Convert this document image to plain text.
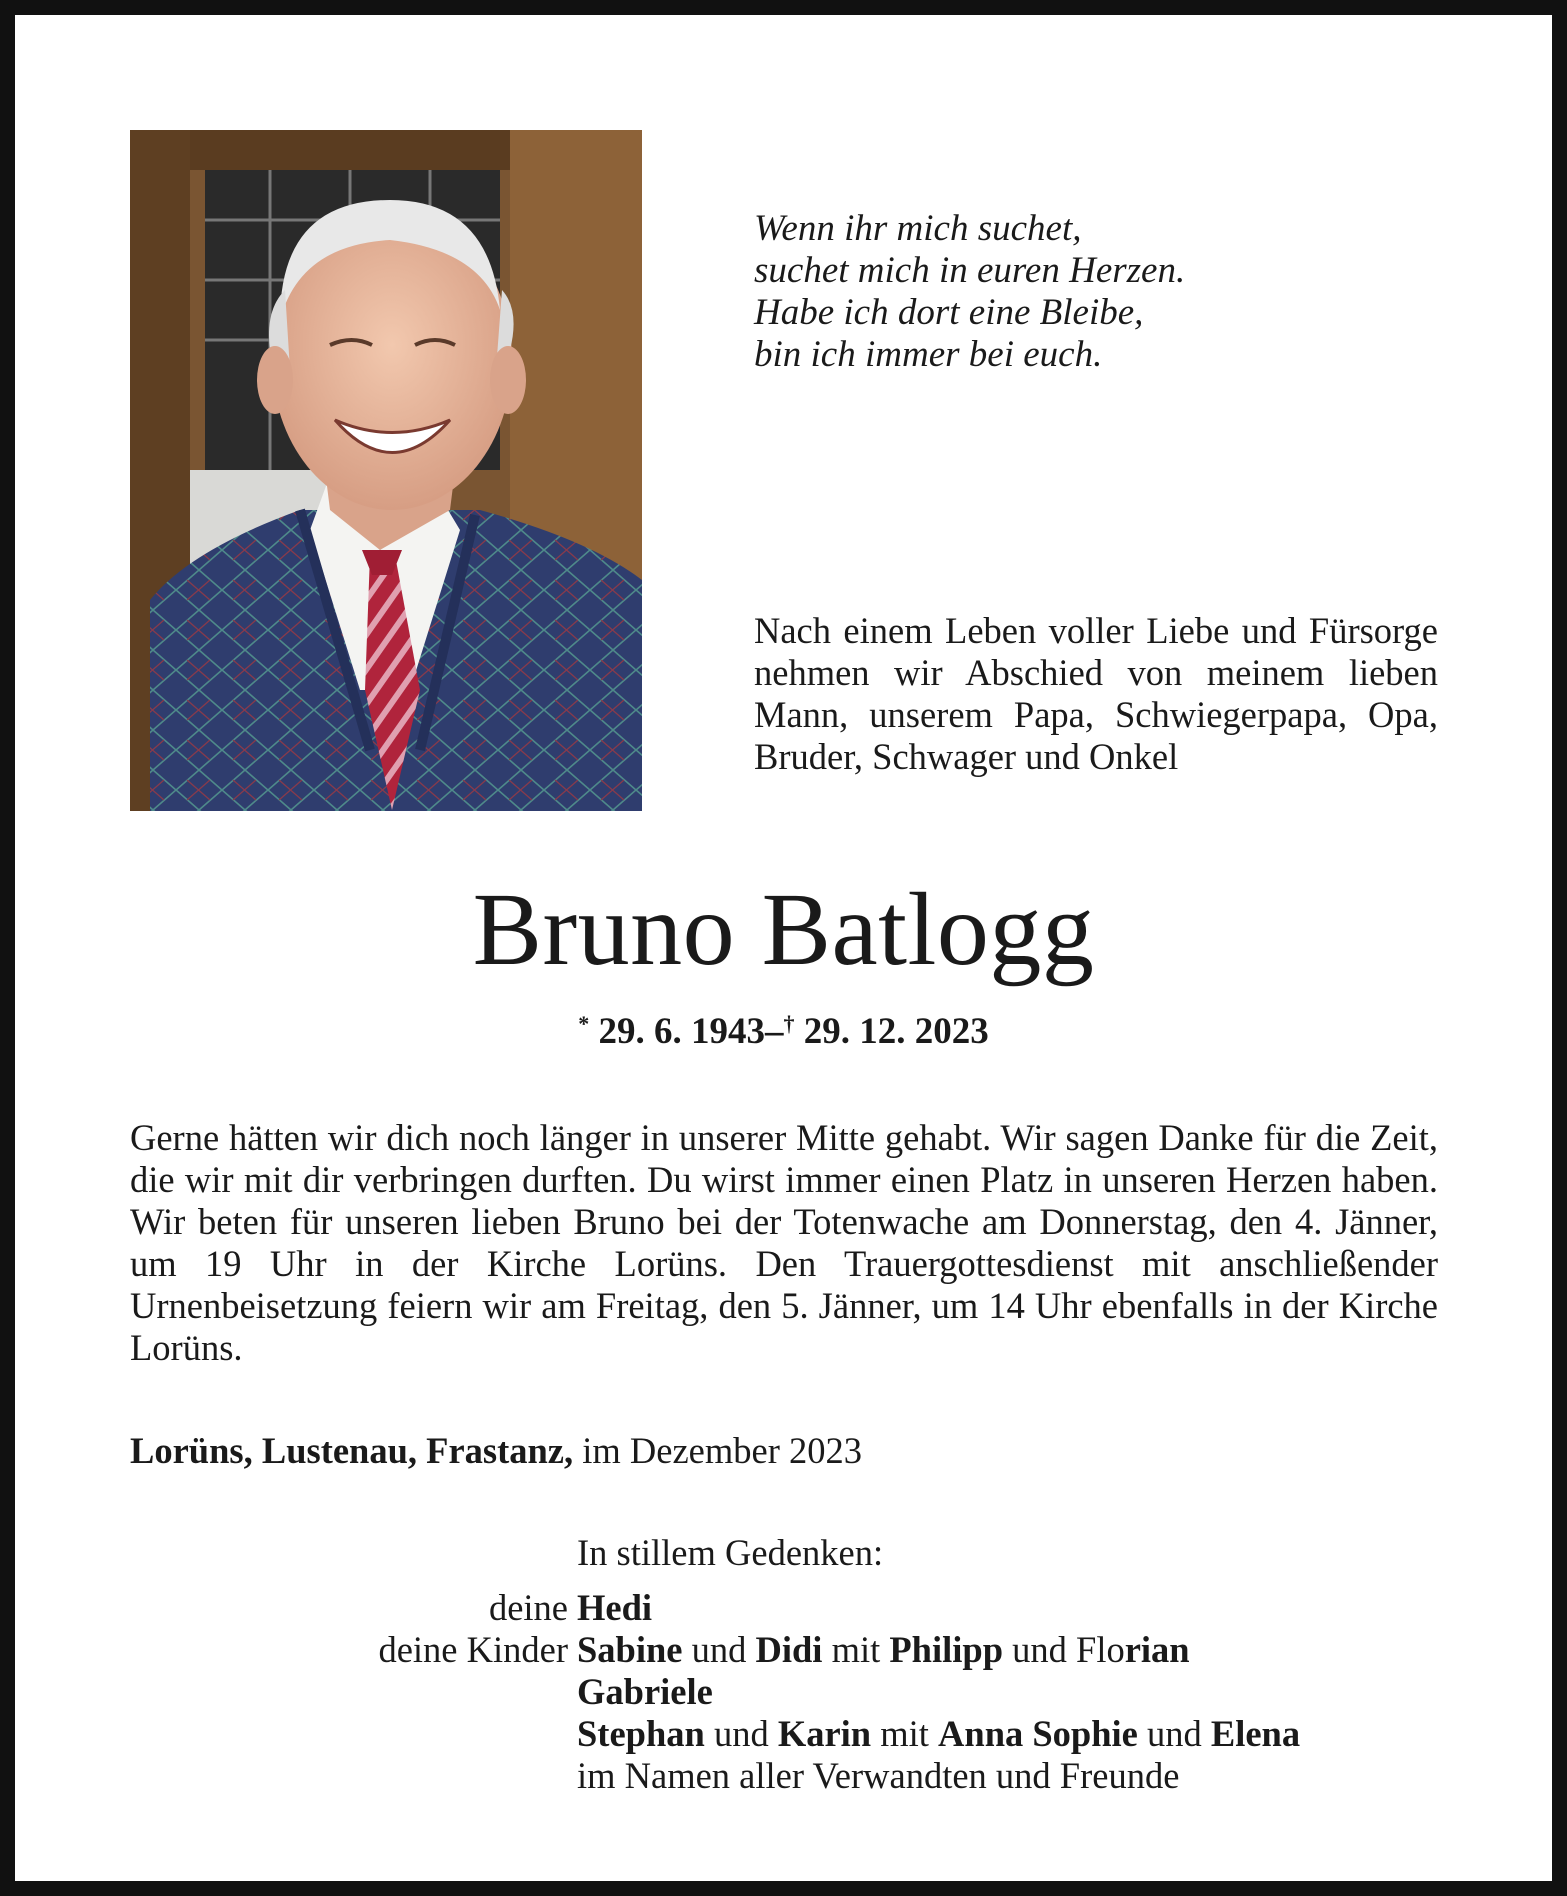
Wenn ihr mich suchet,
suchet mich in euren Herzen.
Habe ich dort eine Bleibe,
bin ich immer bei euch.
Nach einem Leben voller Liebe und Fürsorge nehmen wir Abschied von meinem lieben Mann, unserem Papa, Schwiegerpapa, Opa, Bruder, Schwager und Onkel
Bruno Batlogg
* 29. 6. 1943–† 29. 12. 2023
Gerne hätten wir dich noch länger in unserer Mitte gehabt. Wir sagen Danke für die Zeit, die wir mit dir verbringen durften. Du wirst immer einen Platz in unseren Herzen haben. Wir beten für unseren lieben Bruno bei der Totenwache am Donnerstag, den 4. Jänner, um 19 Uhr in der Kirche Lorüns. Den Trauergottesdienst mit anschließender Urnenbeisetzung feiern wir am Freitag, den 5. Jänner, um 14 Uhr ebenfalls in der Kirche Lorüns.
Lorüns, Lustenau, Frastanz, im Dezember 2023
In stillem Gedenken:
deine Hedi
deine Kinder Sabine und Didi mit Philipp und Florian
Gabriele
Stephan und Karin mit Anna Sophie und Elena
im Namen aller Verwandten und Freunde
